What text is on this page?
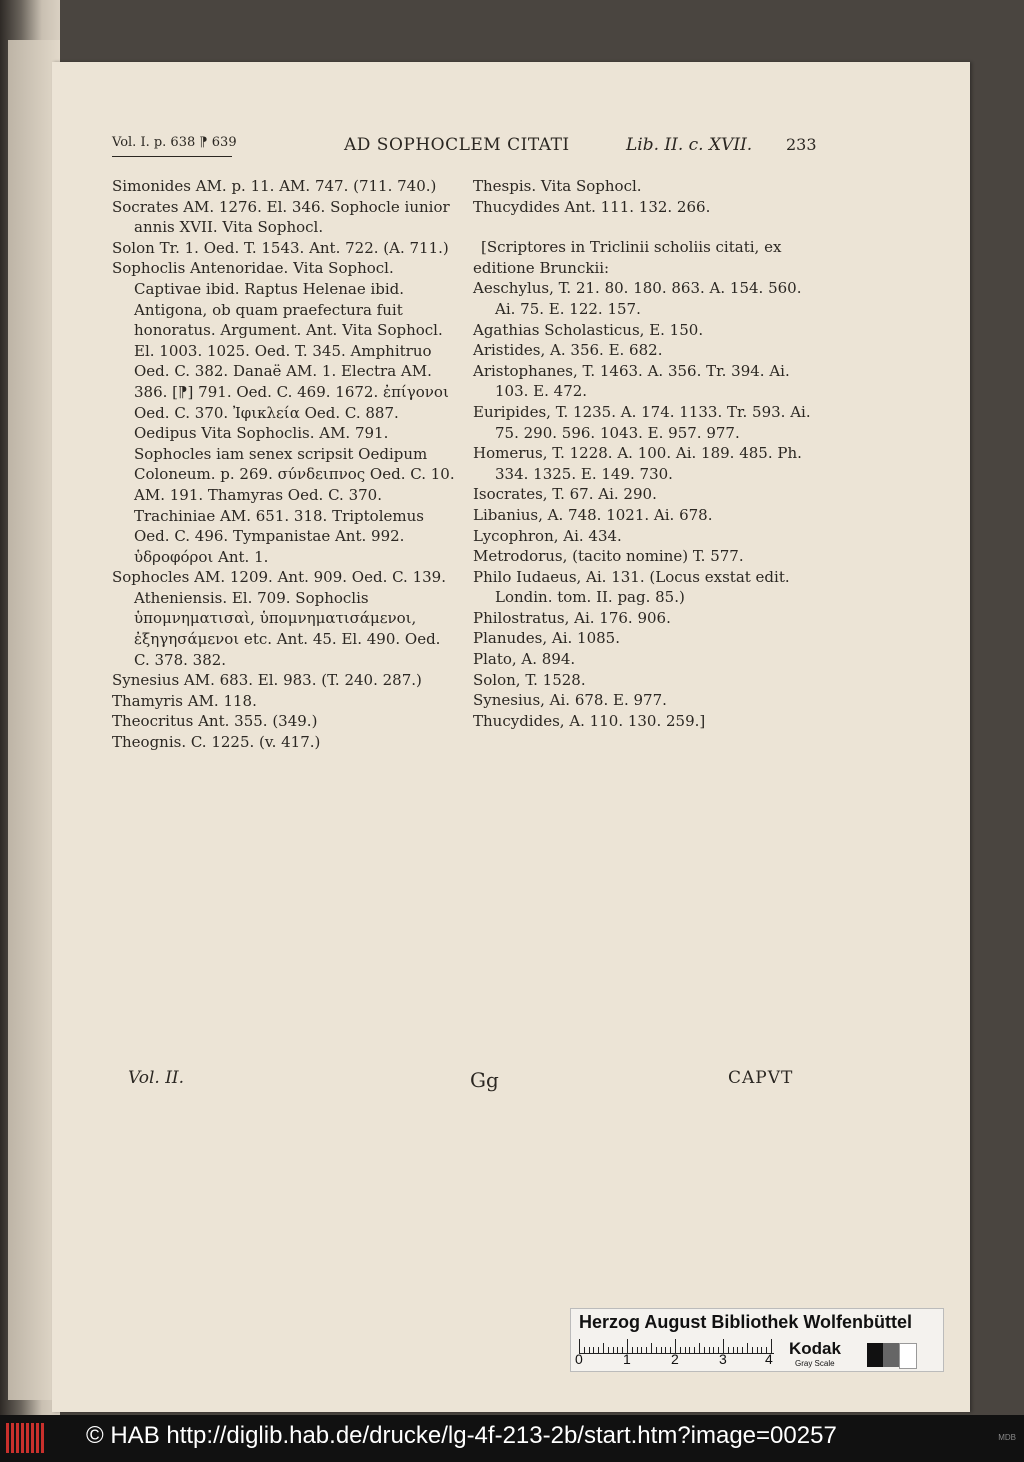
Vol. I. p. 638 ⁋ 639	AD SOPHOCLEM CITATI	Lib. II. c. XVII. 233

Simonides AM. p. 11. AM. 747. (711. 740.)

Socrates AM. 1276. El. 346. Sophocle iunior annis XVII. Vita Sophocl.

Solon Tr. 1. Oed. T. 1543. Ant. 722. (A. 711.)

Sophoclis Antenoridae. Vita Sophocl. Captivae ibid. Raptus Helenae ibid. Antigona, ob quam praefectura fuit honoratus. Argument. Ant. Vita Sophocl. El. 1003. 1025. Oed. T. 345. Amphitruo Oed. C. 382. Danaë AM. 1. Electra AM. 386. [⁋] 791. Oed. C. 469. 1672. ἐπίγονοι Oed. C. 370. Ἰφικλεία Oed. C. 887. Oedipus Vita Sophoclis. AM. 791. Sophocles iam senex scripsit Oedipum Coloneum. p. 269. σύνδειπνος Oed. C. 10. AM. 191. Thamyras Oed. C. 370. Trachiniae AM. 651. 318. Triptolemus Oed. C. 496. Tympanistae Ant. 992. ὑδροφόροι Ant. 1.

Sophocles AM. 1209. Ant. 909. Oed. C. 139. Atheniensis. El. 709. Sophoclis ὑπομνηματισαὶ, ὑπομνηματισάμενοι, ἐξηγησάμενοι etc. Ant. 45. El. 490. Oed. C. 378. 382.

Synesius AM. 683. El. 983. (T. 240. 287.)

Thamyris AM. 118.

Theocritus Ant. 355. (349.)

Theognis. C. 1225. (v. 417.)

Thespis. Vita Sophocl.

Thucydides Ant. 111. 132. 266.

[Scriptores in Triclinii scholiis citati, ex editione Brunckii:

Aeschylus, T. 21. 80. 180. 863. A. 154. 560. Ai. 75. E. 122. 157.

Agathias Scholasticus, E. 150.

Aristides, A. 356. E. 682.

Aristophanes, T. 1463. A. 356. Tr. 394. Ai. 103. E. 472.

Euripides, T. 1235. A. 174. 1133. Tr. 593. Ai. 75. 290. 596. 1043. E. 957. 977.

Homerus, T. 1228. A. 100. Ai. 189. 485. Ph. 334. 1325. E. 149. 730.

Isocrates, T. 67. Ai. 290.

Libanius, A. 748. 1021. Ai. 678.

Lycophron, Ai. 434.

Metrodorus, (tacito nomine) T. 577.

Philo Iudaeus, Ai. 131. (Locus exstat edit. Londin. tom. II. pag. 85.)

Philostratus, Ai. 176. 906.

Planudes, Ai. 1085.

Plato, A. 894.

Solon, T. 1528.

Synesius, Ai. 678. E. 977.

Thucydides, A. 110. 130. 259.]

Vol. II.	Gg	CAPVT
Herzog August Bibliothek Wolfenbüttel
0	1	2	3	4
Kodak
Gray Scale
© HAB http://diglib.hab.de/drucke/lg-4f-213-2b/start.htm?image=00257	MDB
